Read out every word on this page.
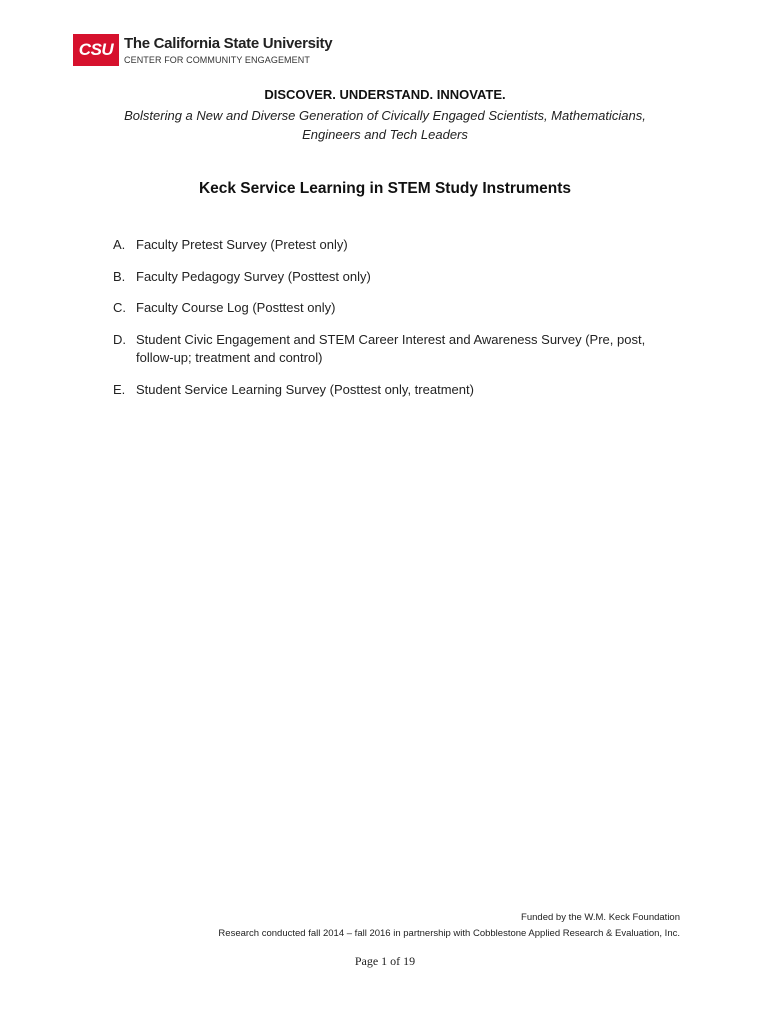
CSU The California State University
CENTER FOR COMMUNITY ENGAGEMENT
DISCOVER. UNDERSTAND. INNOVATE.
Bolstering a New and Diverse Generation of Civically Engaged Scientists, Mathematicians,
Engineers and Tech Leaders
Keck Service Learning in STEM Study Instruments
A. Faculty Pretest Survey (Pretest only)
B. Faculty Pedagogy Survey (Posttest only)
C. Faculty Course Log (Posttest only)
D. Student Civic Engagement and STEM Career Interest and Awareness Survey (Pre, post, follow-up; treatment and control)
E. Student Service Learning Survey (Posttest only, treatment)
Funded by the W.M. Keck Foundation
Research conducted fall 2014 – fall 2016 in partnership with Cobblestone Applied Research & Evaluation, Inc.
Page 1 of 19
